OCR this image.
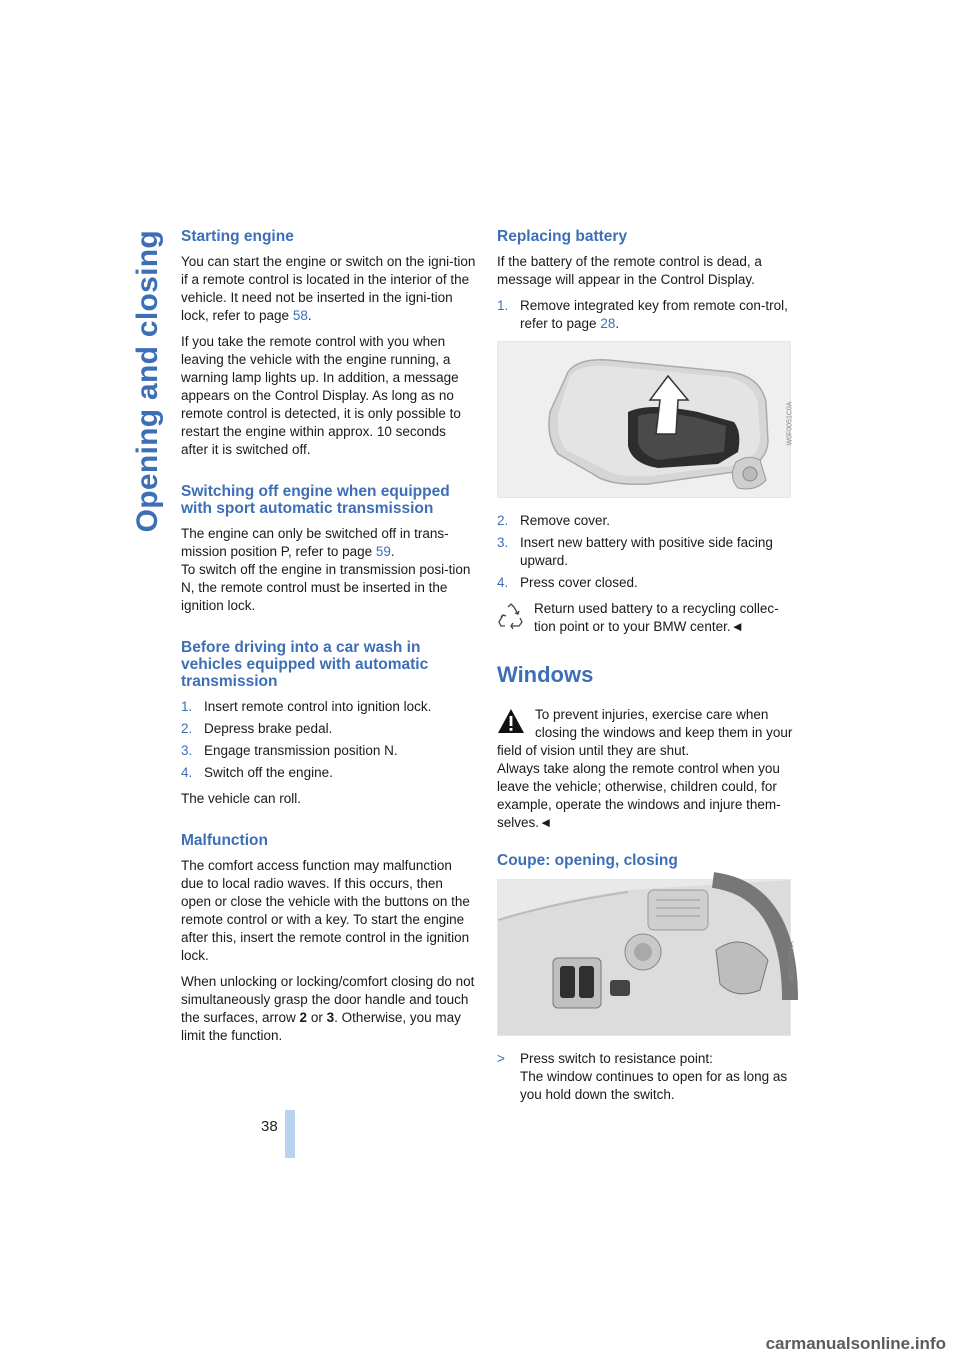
Opening and closing
38
Starting engine

You can start the engine or switch on the igni-tion if a remote control is located in the interior of the vehicle. It need not be inserted in the igni-tion lock, refer to page 58.

If you take the remote control with you when leaving the vehicle with the engine running, a warning lamp lights up. In addition, a message appears on the Control Display. As long as no remote control is detected, it is only possible to restart the engine within approx. 10 seconds after it is switched off.

Switching off engine when equipped with sport automatic transmission

The engine can only be switched off in trans-mission position P, refer to page 59.

To switch off the engine in transmission posi-tion N, the remote control must be inserted in the ignition lock.

Before driving into a car wash in vehicles equipped with automatic transmission
1. Insert remote control into ignition lock.
2. Depress brake pedal.
3. Engage transmission position N.
4. Switch off the engine.

The vehicle can roll.

Malfunction

The comfort access function may malfunction due to local radio waves. If this occurs, then open or close the vehicle with the buttons on the remote control or with a key. To start the engine after this, insert the remote control in the ignition lock.

When unlocking or locking/comfort closing do not simultaneously grasp the door handle and touch the surfaces, arrow 2 or 3. Otherwise, you may limit the function.

Replacing battery

If the battery of the remote control is dead, a message will appear in the Control Display.

1. Remove integrated key from remote con-trol, refer to page 28.
W0F0051C0A
2. Remove cover.
3. Insert new battery with positive side facing upward.
4. Press cover closed.

Return used battery to a recycling collec-tion point or to your BMW center.◄

Windows

To prevent injuries, exercise care when closing the windows and keep them in your field of vision until they are shut.

Always take along the remote control when you leave the vehicle; otherwise, children could, for example, operate the windows and injure them-selves.◄

Coupe: opening, closing
W0D2700AA
> Press switch to resistance point:
The window continues to open for as long as you hold down the switch.
carmanualsonline.info
